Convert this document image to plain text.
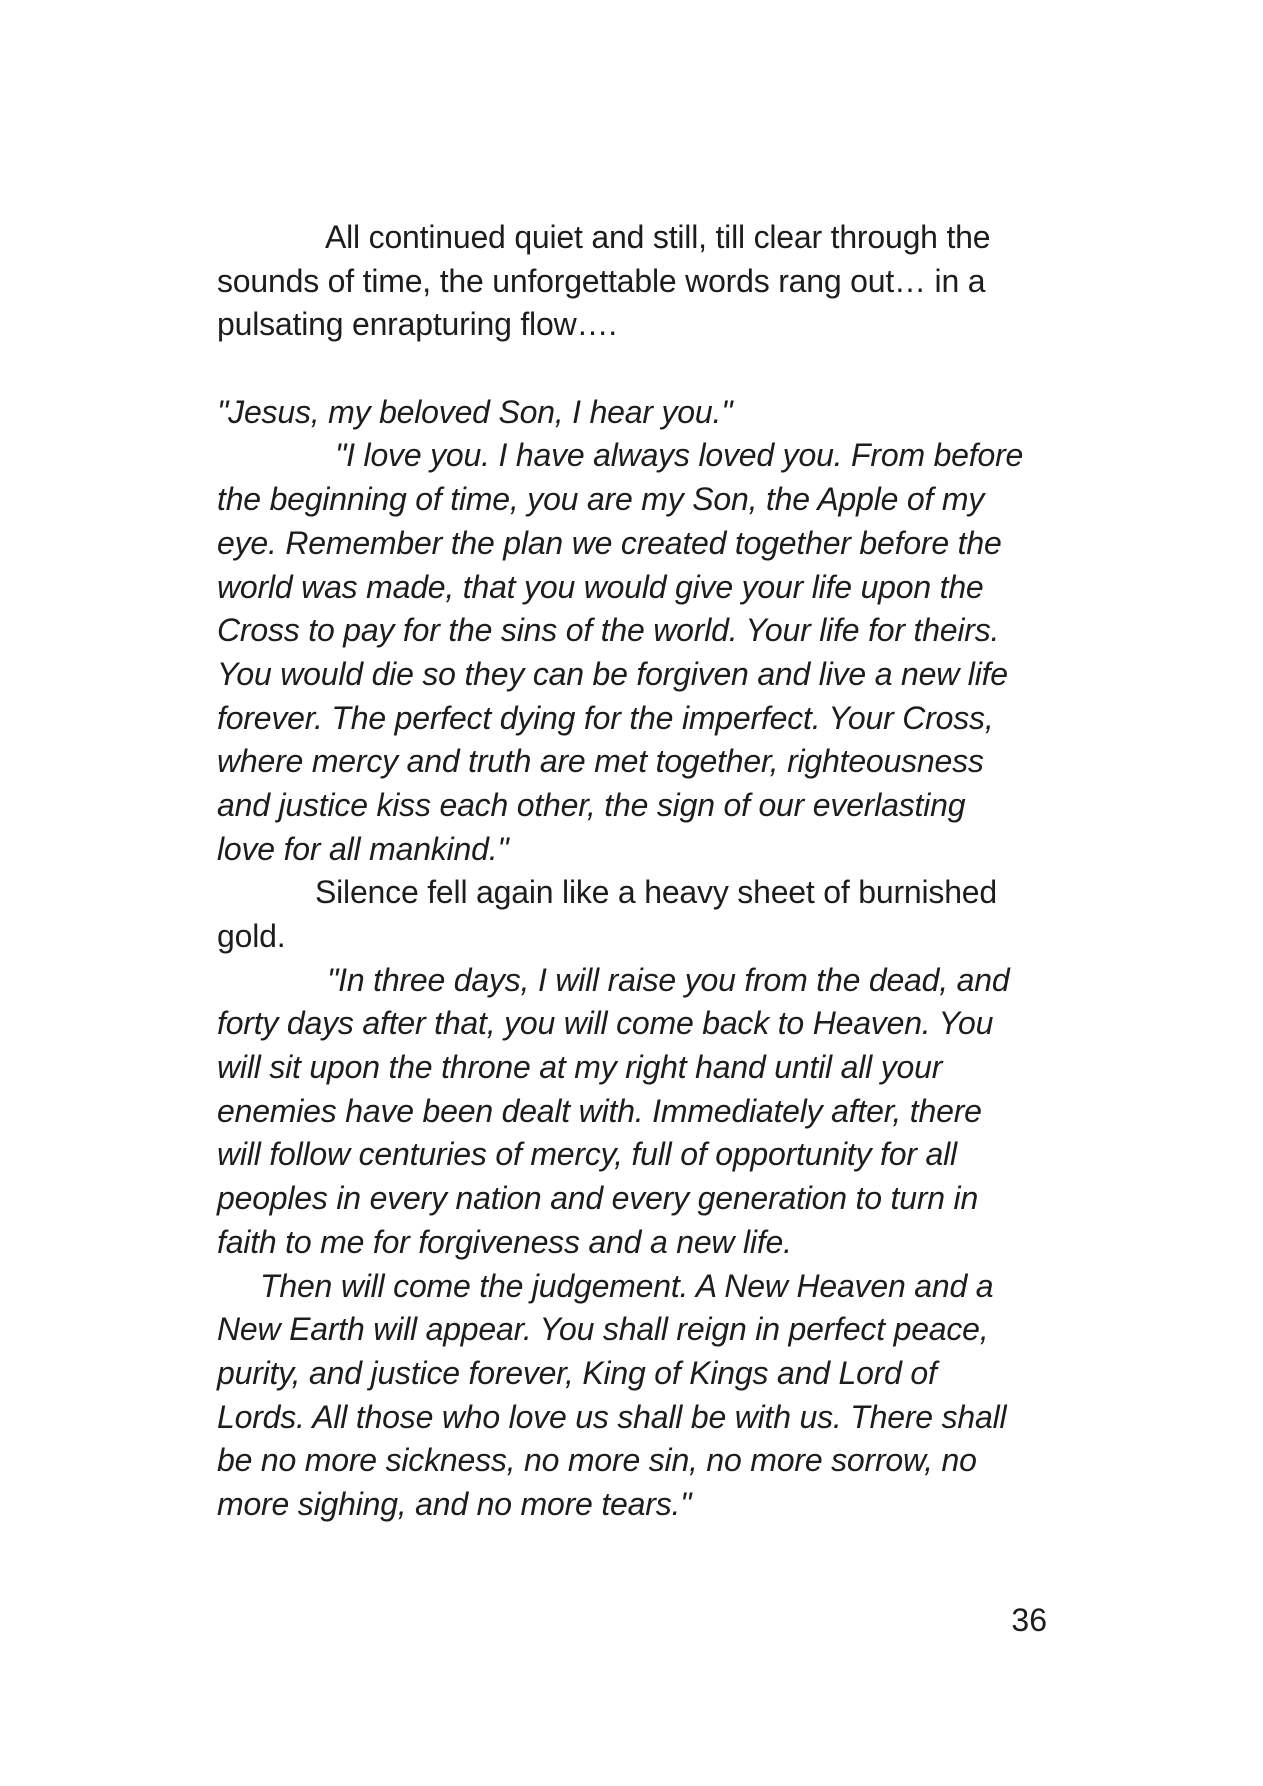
All continued quiet and still, till clear through the
sounds of time, the unforgettable words rang out… in a
pulsating enrapturing flow….
"Jesus, my beloved Son, I hear you."
"I love you. I have always loved you. From before
the beginning of time, you are my Son, the Apple of my
eye. Remember the plan we created together before the
world was made, that you would give your life upon the
Cross to pay for the sins of the world. Your life for theirs.
You would die so they can be forgiven and live a new life
forever. The perfect dying for the imperfect. Your Cross,
where mercy and truth are met together, righteousness
and justice kiss each other, the sign of our everlasting
love for all mankind."
Silence fell again like a heavy sheet of burnished
gold.
"In three days, I will raise you from the dead, and
forty days after that, you will come back to Heaven. You
will sit upon the throne at my right hand until all your
enemies have been dealt with. Immediately after, there
will follow centuries of mercy, full of opportunity for all
peoples in every nation and every generation to turn in
faith to me for forgiveness and a new life.
Then will come the judgement. A New Heaven and a
New Earth will appear. You shall reign in perfect peace,
purity, and justice forever, King of Kings and Lord of
Lords. All those who love us shall be with us. There shall
be no more sickness, no more sin, no more sorrow, no
more sighing, and no more tears."
36
